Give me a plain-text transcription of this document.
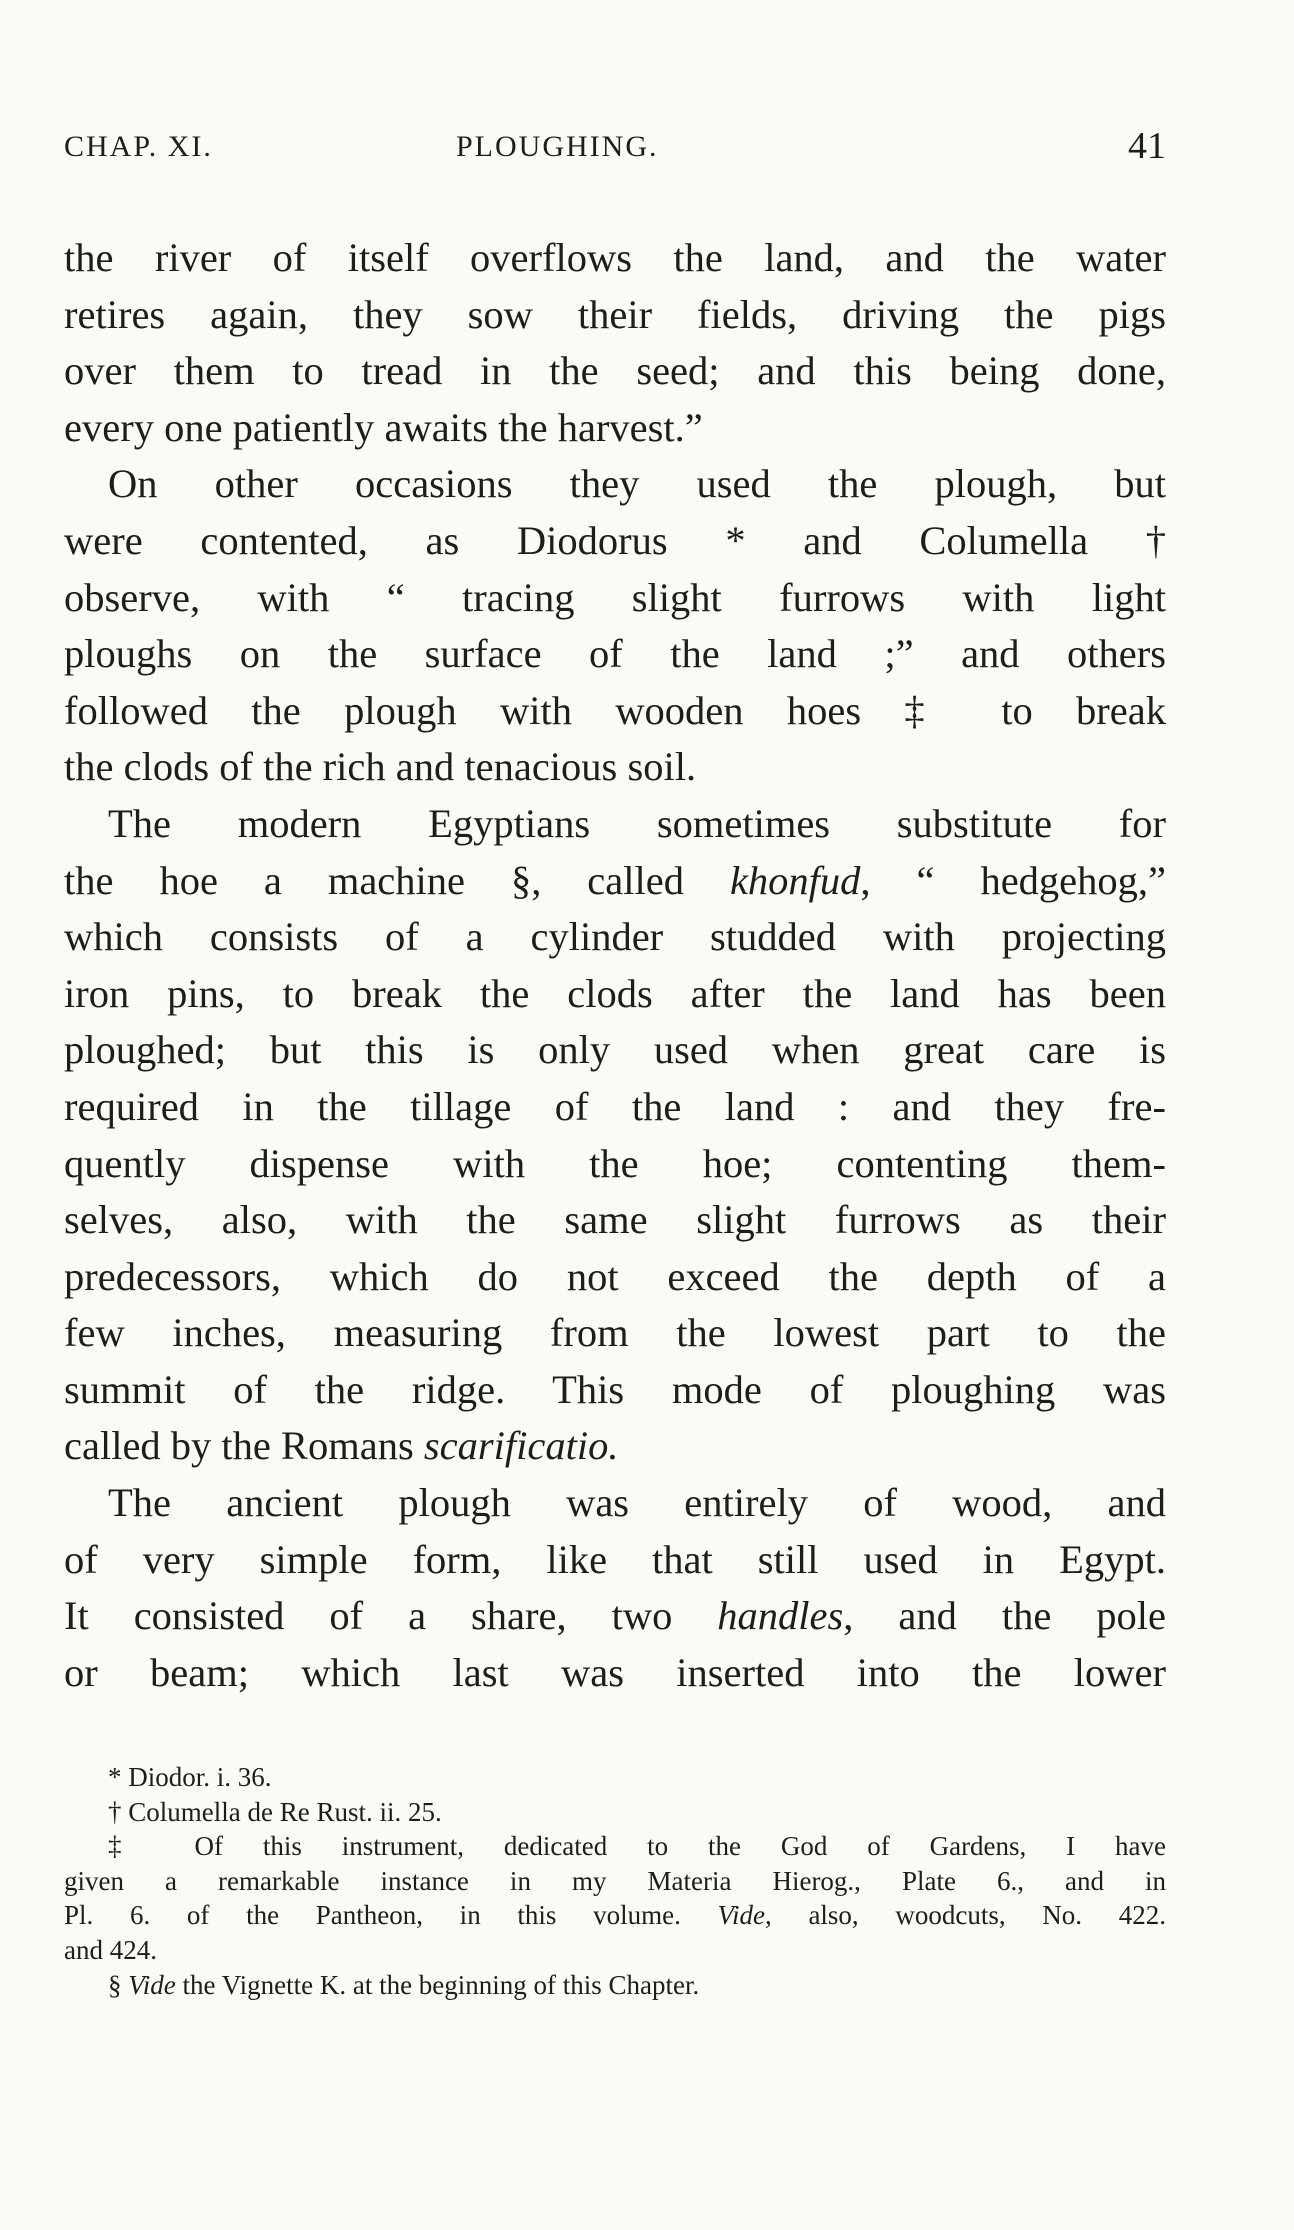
CHAP. XI.	PLOUGHING.	41
the river of itself overflows the land, and the water
retires again, they sow their fields, driving the pigs
over them to tread in the seed; and this being done,
every one patiently awaits the harvest.”
On other occasions they used the plough, but
were contented, as Diodorus * and Columella †
observe, with “ tracing slight furrows with light
ploughs on the surface of the land ;” and others
followed the plough with wooden hoes ‡ to break
the clods of the rich and tenacious soil.
The modern Egyptians sometimes substitute for
the hoe a machine §, called khonfud, “ hedgehog,”
which consists of a cylinder studded with projecting
iron pins, to break the clods after the land has been
ploughed; but this is only used when great care is
required in the tillage of the land : and they fre-
quently dispense with the hoe; contenting them-
selves, also, with the same slight furrows as their
predecessors, which do not exceed the depth of a
few inches, measuring from the lowest part to the
summit of the ridge. This mode of ploughing was
called by the Romans scarificatio.
The ancient plough was entirely of wood, and
of very simple form, like that still used in Egypt.
It consisted of a share, two handles, and the pole
or beam; which last was inserted into the lower
* Diodor. i. 36.
† Columella de Re Rust. ii. 25.
‡ Of this instrument, dedicated to the God of Gardens, I have
given a remarkable instance in my Materia Hierog., Plate 6., and in
Pl. 6. of the Pantheon, in this volume. Vide, also, woodcuts, No. 422.
and 424.
§ Vide the Vignette K. at the beginning of this Chapter.
